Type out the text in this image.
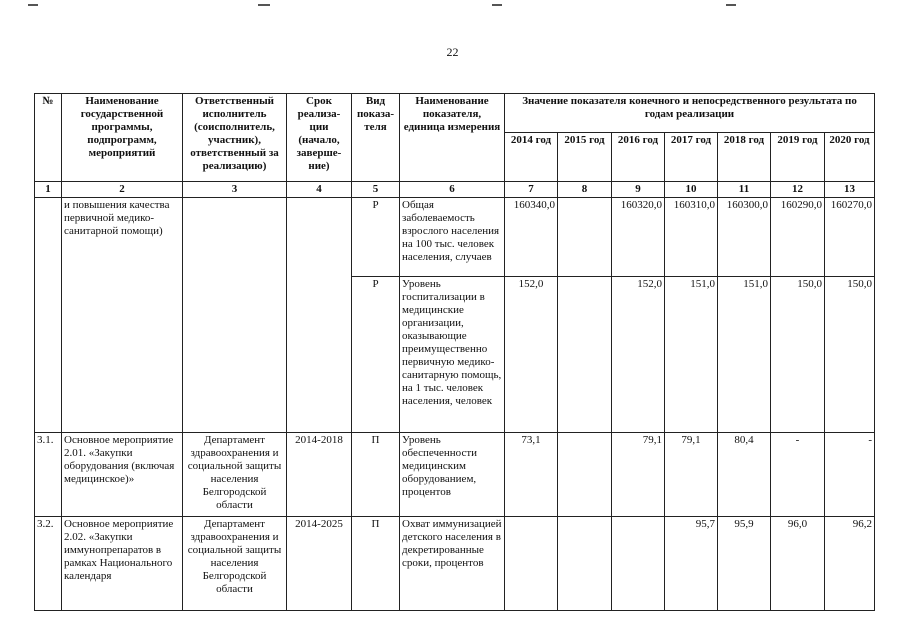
22
№	Наименование государственной программы, подпрограмм, мероприятий	Ответственный исполнитель (соисполнитель, участник), ответственный за реализацию)	Срок реализа-ции (начало, заверше-ние)	Вид показа-теля	Наименование показателя, единица измерения	Значение показателя конечного и непосредственного результата по годам реализации						
						2014 год	2015 год	2016 год	2017 год	2018 год	2019 год	2020 год
1	2	3	4	5	6	7	8	9	10	11	12	13
	и повышения качества первичной медико-санитарной помощи)			Р	Общая заболеваемость взрослого населения на 100 тыс. человек населения, случаев	160340,0		160320,0	160310,0	160300,0	160290,0	160270,0
				Р	Уровень госпитализации в медицинские организации, оказывающие преимущественно первичную медико-санитарную помощь, на 1 тыс. человек населения, человек	152,0		152,0	151,0	151,0	150,0	150,0
3.1.	Основное мероприятие 2.01. «Закупки оборудования (включая медицинское)»	Департамент здравоохранения и социальной защиты населения Белгородской области	2014-2018	П	Уровень обеспеченности медицинским оборудованием, процентов	73,1		79,1	79,1	80,4	-	-
3.2.	Основное мероприятие 2.02. «Закупки иммунопрепаратов в рамках Национального календаря	Департамент здравоохранения и социальной защиты населения Белгородской области	2014-2025	П	Охват иммунизацией детского населения в декретированные сроки, процентов				95,7	95,9	96,0	96,2
